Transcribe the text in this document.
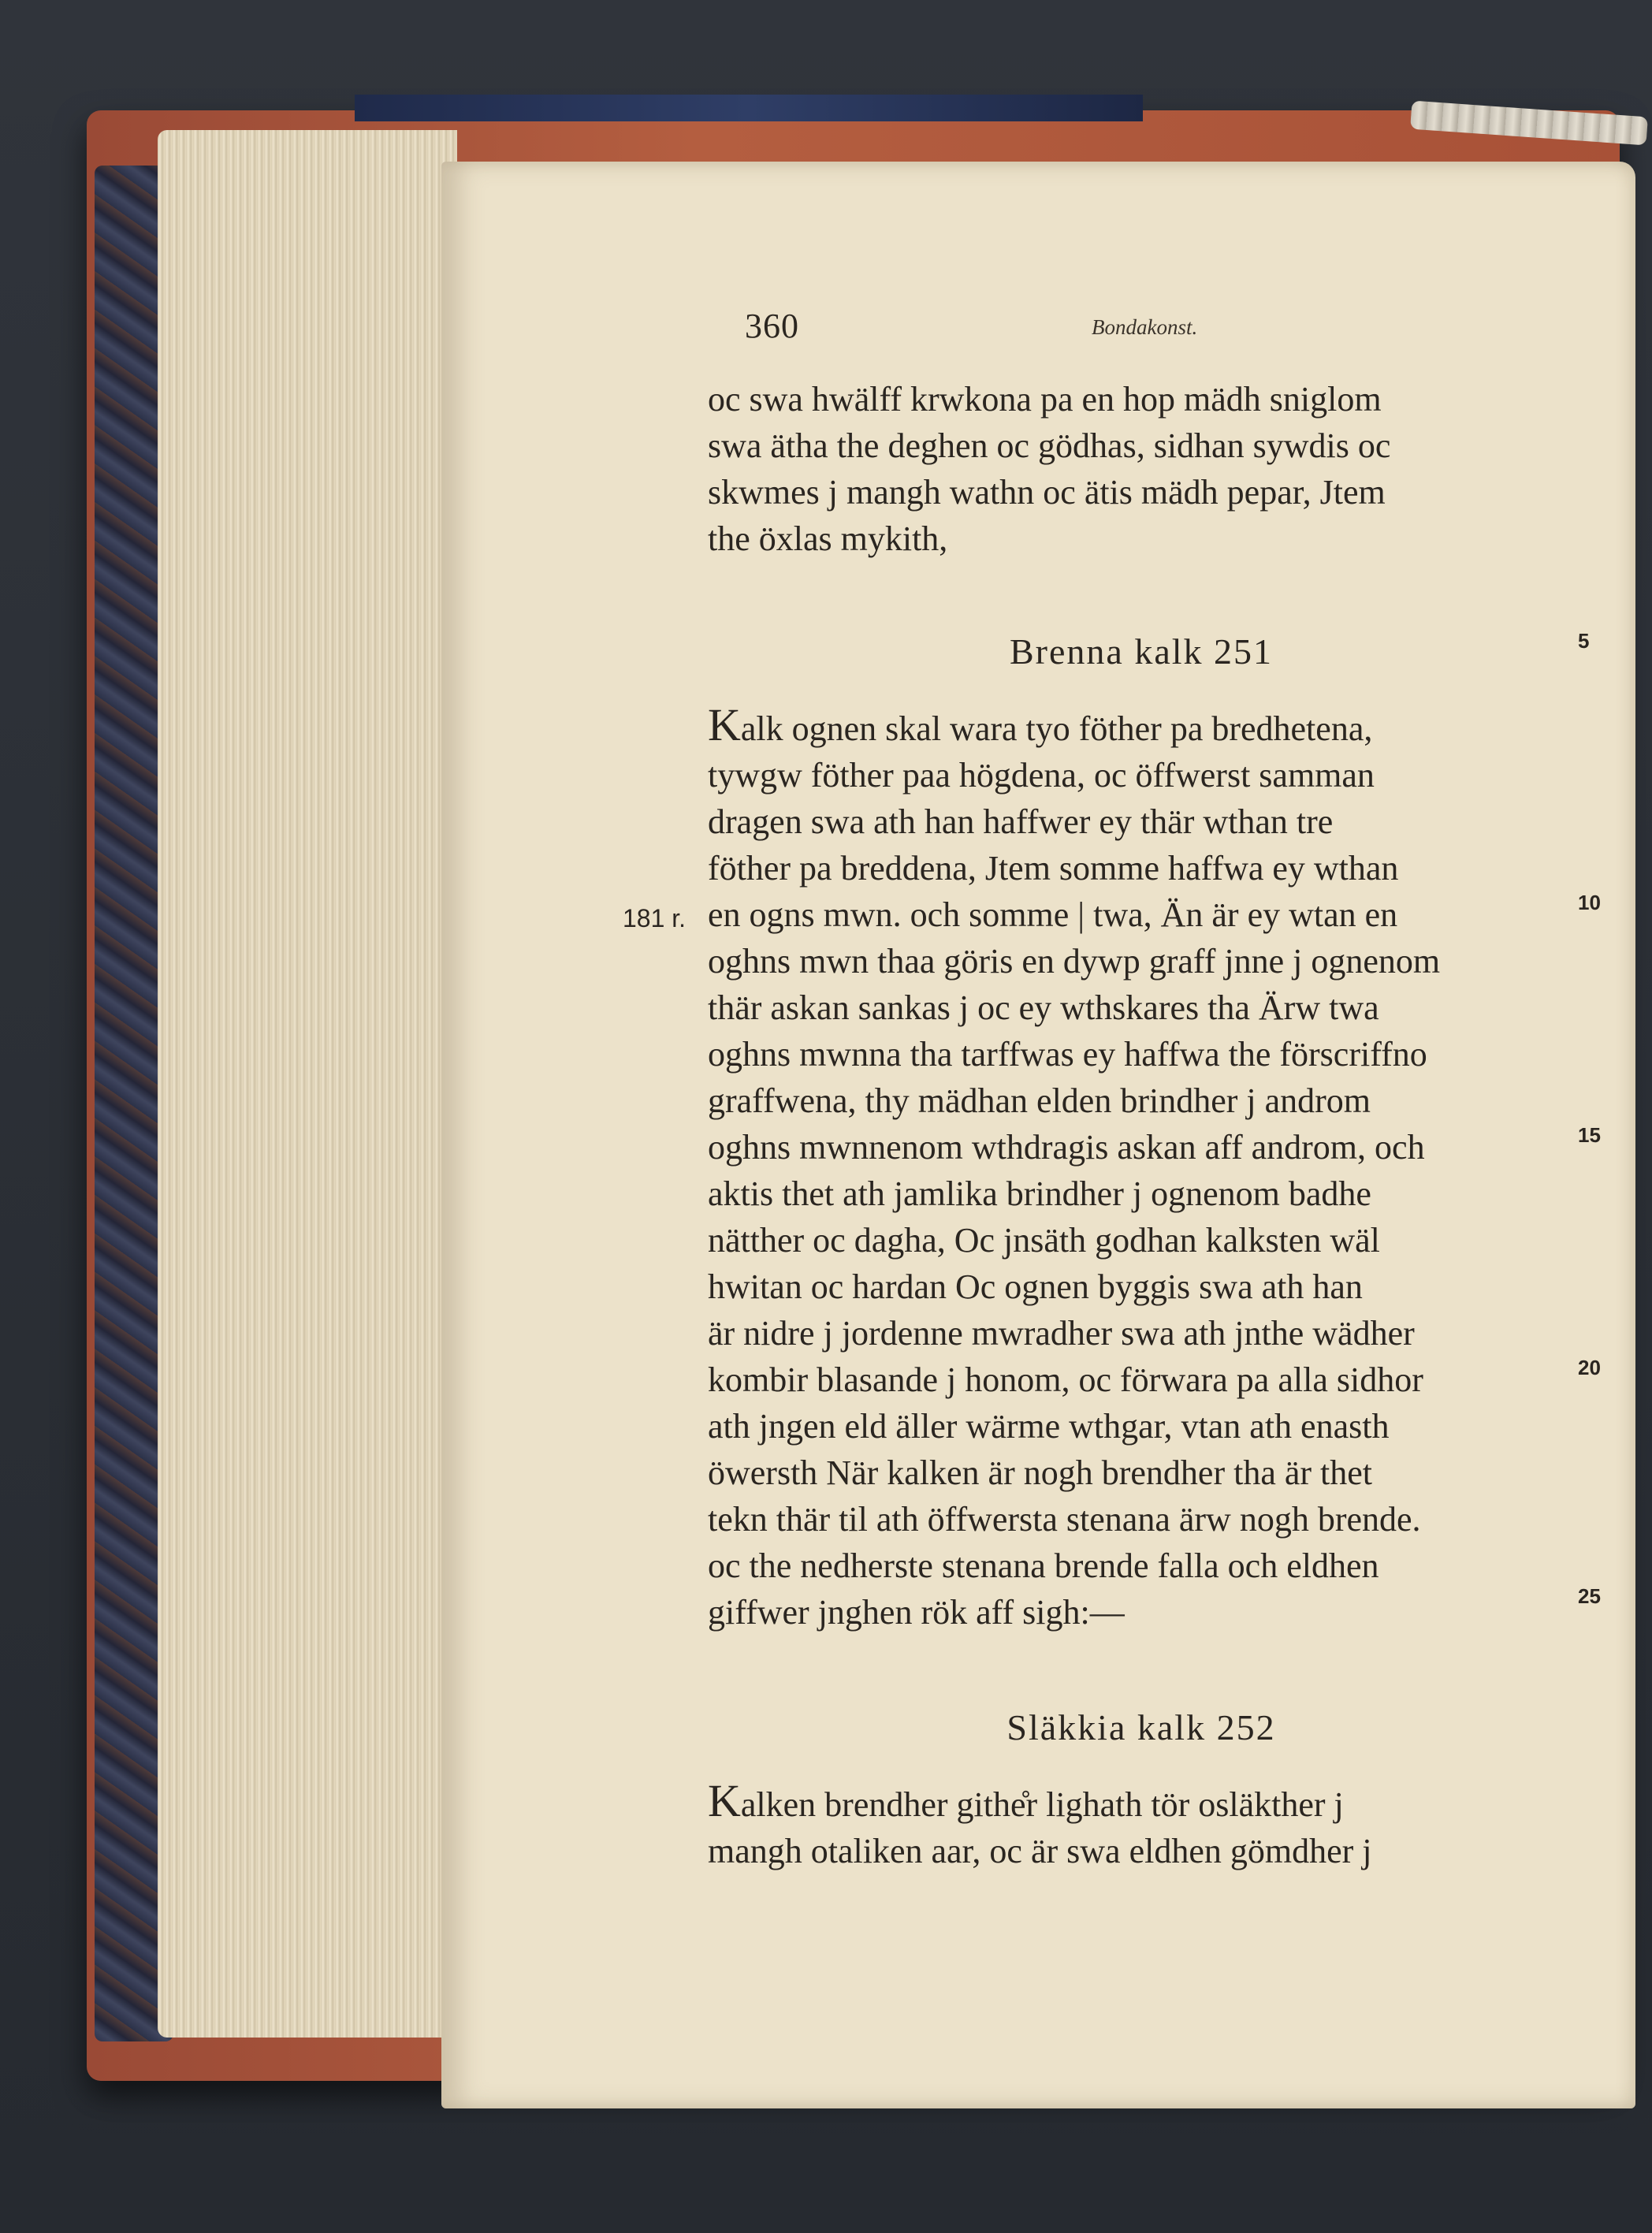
360	Bondakonst.
oc swa hwälff krwkona pa en hop mädh sniglom
swa ätha the deghen oc gödhas, sidhan sywdis oc
skwmes j mangh wathn oc ätis mädh pepar, Jtem
the öxlas mykith,
Brenna kalk 251
Kalk ognen skal wara tyo föther pa bredhetena,
tywgw föther paa högdena, oc öffwerst samman
dragen swa ath han haffwer ey thär wthan tre
föther pa breddena, Jtem somme haffwa ey wthan
en ogns mwn. och somme | twa, Än är ey wtan en
oghns mwn thaa göris en dywp graff jnne j ognenom
thär askan sankas j oc ey wthskares tha Ärw twa
oghns mwnna tha tarffwas ey haffwa the förscriffno
graffwena, thy mädhan elden brindher j androm
oghns mwnnenom wthdragis askan aff androm, och
aktis thet ath jamlika brindher j ognenom badhe
nätther oc dagha, Oc jnsäth godhan kalksten wäl
hwitan oc hardan Oc ognen byggis swa ath han
är nidre j jordenne mwradher swa ath jnthe wädher
kombir blasande j honom, oc förwara pa alla sidhor
ath jngen eld äller wärme wthgar, vtan ath enasth
öwersth När kalken är nogh brendher tha är thet
tekn thär til ath öffwersta stenana ärw nogh brende.
oc the nedherste stenana brende falla och eldhen
giffwer jnghen rök aff sigh:—
Släkkia kalk 252
Kalken brendher githe̊r lighath tör osläkther j
mangh otaliken aar, oc är swa eldhen gömdher j
181 r.
5
10
15
20
25
